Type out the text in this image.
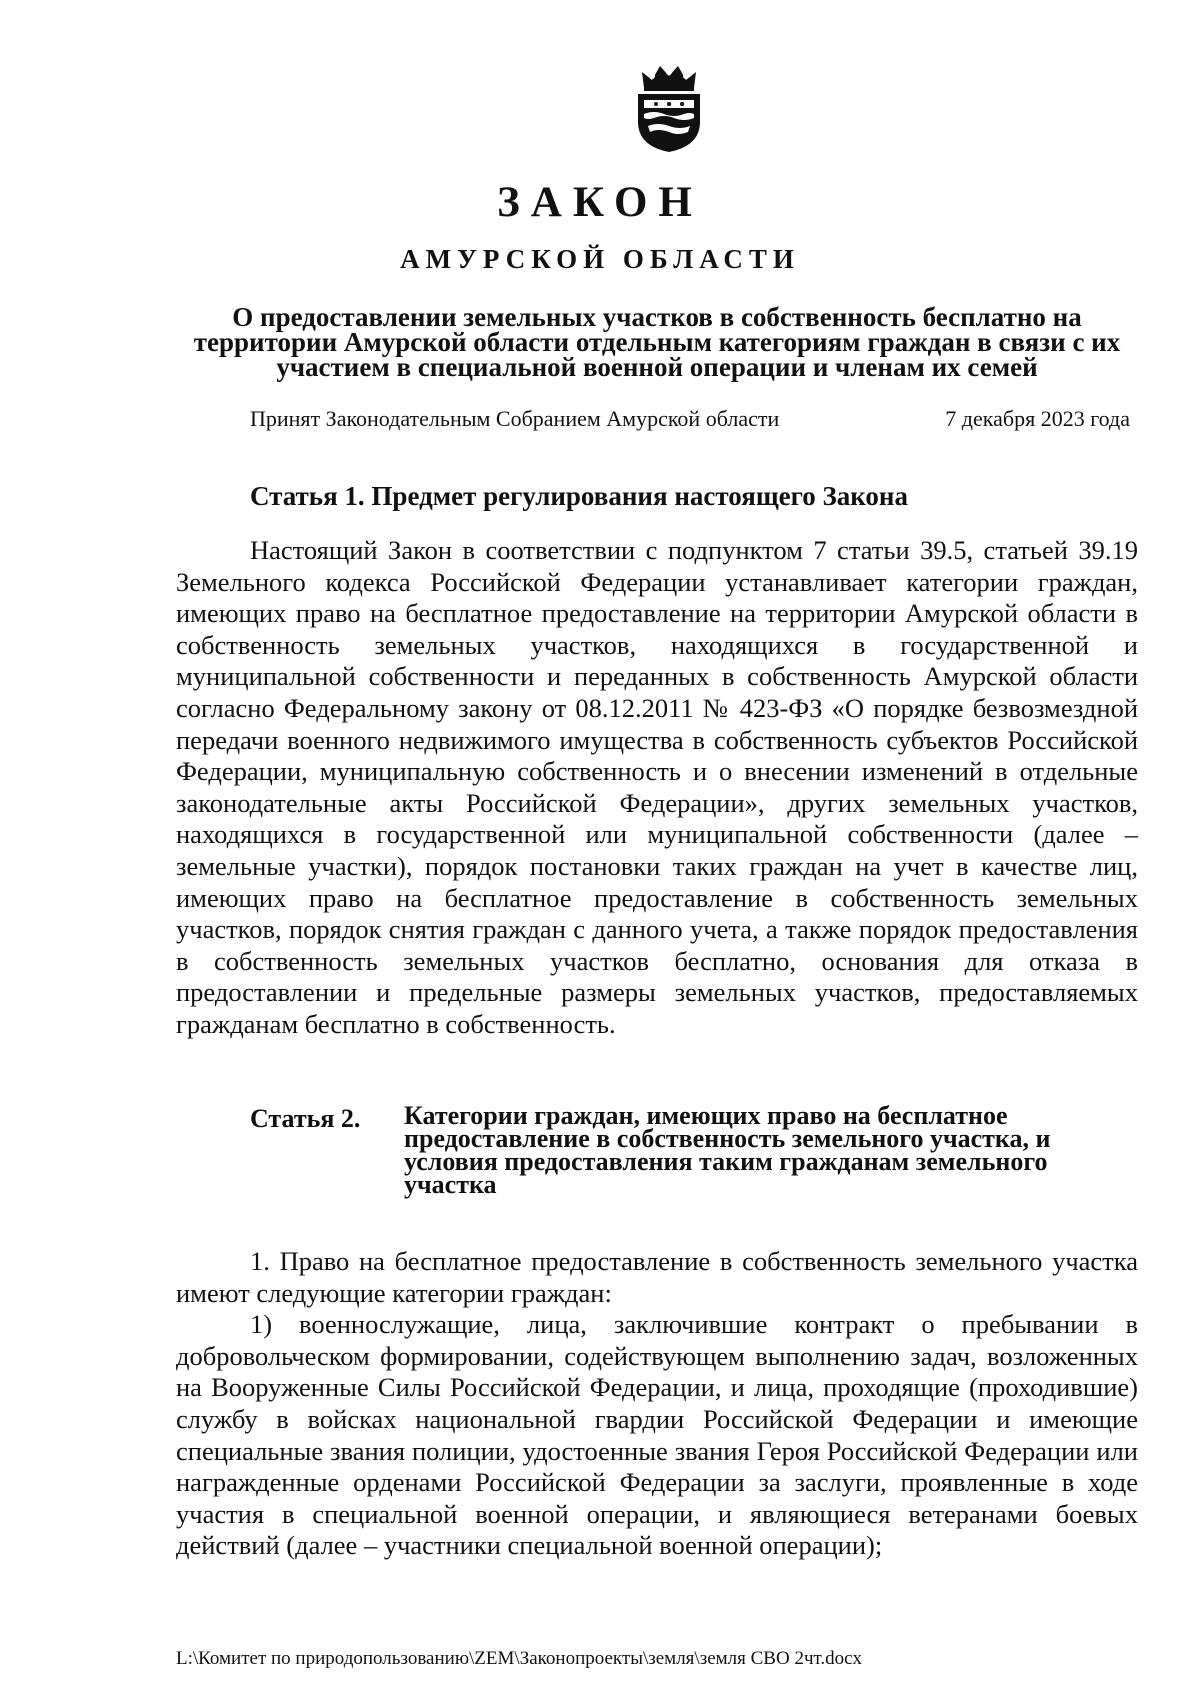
ЗАКОН
АМУРСКОЙ ОБЛАСТИ
О предоставлении земельных участков в собственность бесплатно на территории Амурской области отдельным категориям граждан в связи с их участием в специальной военной операции и членам их семей
Принят Законодательным Собранием Амурской области	7 декабря 2023 года
Статья 1. Предмет регулирования настоящего Закона
Настоящий Закон в соответствии с подпунктом 7 статьи 39.5, статьей 39.19 Земельного кодекса Российской Федерации устанавливает категории граждан, имеющих право на бесплатное предоставление на территории Амурской области в собственность земельных участков, находящихся в государственной и муниципальной собственности и переданных в собственность Амурской области согласно Федеральному закону от 08.12.2011 № 423-ФЗ «О порядке безвозмездной передачи военного недвижимого имущества в собственность субъектов Российской Федерации, муниципальную собственность и о внесении изменений в отдельные законодательные акты Российской Федерации», других земельных участков, находящихся в государственной или муниципальной собственности (далее – земельные участки), порядок постановки таких граждан на учет в качестве лиц, имеющих право на бесплатное предоставление в собственность земельных участков, порядок снятия граждан с данного учета, а также порядок предоставления в собственность земельных участков бесплатно, основания для отказа в предоставлении и предельные размеры земельных участков, предоставляемых гражданам бесплатно в собственность.
Статья 2. Категории граждан, имеющих право на бесплатное предоставление в собственность земельного участка, и условия предоставления таким гражданам земельного участка

1. Право на бесплатное предоставление в собственность земельного участка имеют следующие категории граждан:

1) военнослужащие, лица, заключившие контракт о пребывании в добровольческом формировании, содействующем выполнению задач, возложенных на Вооруженные Силы Российской Федерации, и лица, проходящие (проходившие) службу в войсках национальной гвардии Российской Федерации и имеющие специальные звания полиции, удостоенные звания Героя Российской Федерации или награжденные орденами Российской Федерации за заслуги, проявленные в ходе участия в специальной военной операции, и являющиеся ветеранами боевых действий (далее – участники специальной военной операции);

L:\Комитет по природопользованию\ZEM\Законопроекты\земля\земля СВО 2чт.docx
